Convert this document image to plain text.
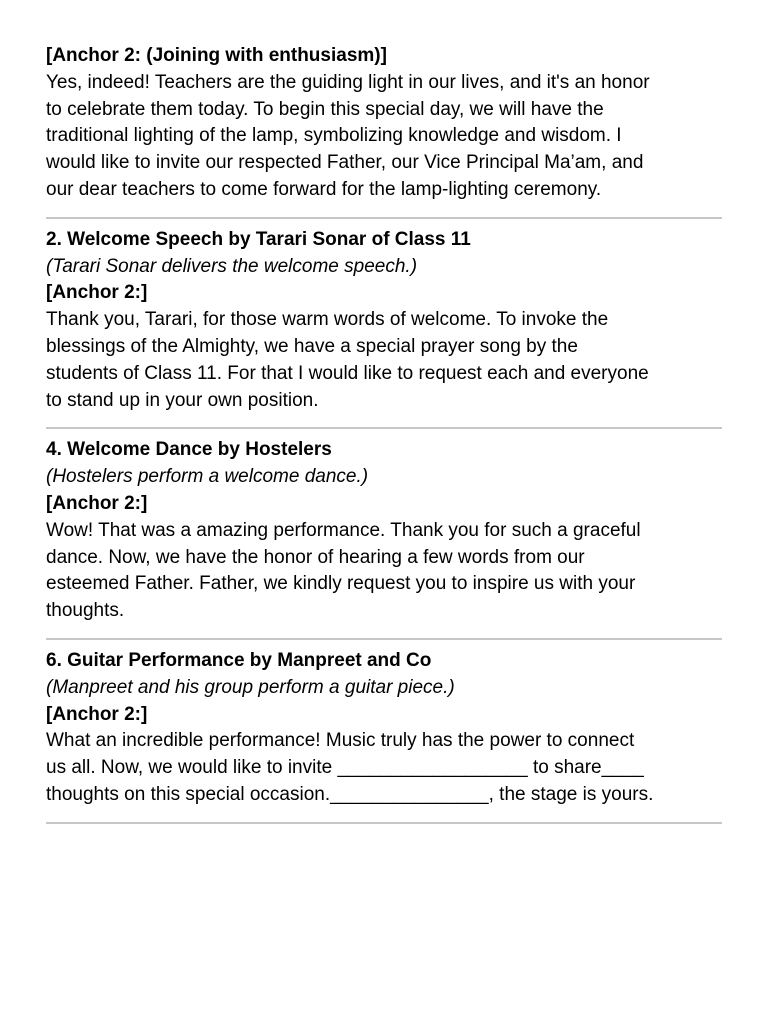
[Anchor 2: (Joining with enthusiasm)]
Yes, indeed! Teachers are the guiding light in our lives, and it's an honor
to celebrate them today. To begin this special day, we will have the
traditional lighting of the lamp, symbolizing knowledge and wisdom. I
would like to invite our respected Father, our Vice Principal Ma’am, and
our dear teachers to come forward for the lamp-lighting ceremony.
2. Welcome Speech by Tarari Sonar of Class 11
(Tarari Sonar delivers the welcome speech.)
[Anchor 2:]
Thank you, Tarari, for those warm words of welcome. To invoke the
blessings of the Almighty, we have a special prayer song by the
students of Class 11. For that I would like to request each and everyone
to stand up in your own position.
4. Welcome Dance by Hostelers
(Hostelers perform a welcome dance.)
[Anchor 2:]
Wow! That was a amazing performance. Thank you for such a graceful
dance. Now, we have the honor of hearing a few words from our
esteemed Father. Father, we kindly request you to inspire us with your
thoughts.
6. Guitar Performance by Manpreet and Co
(Manpreet and his group perform a guitar piece.)
[Anchor 2:]
What an incredible performance! Music truly has the power to connect
us all. Now, we would like to invite __________________ to share____
thoughts on this special occasion._______________, the stage is yours.
